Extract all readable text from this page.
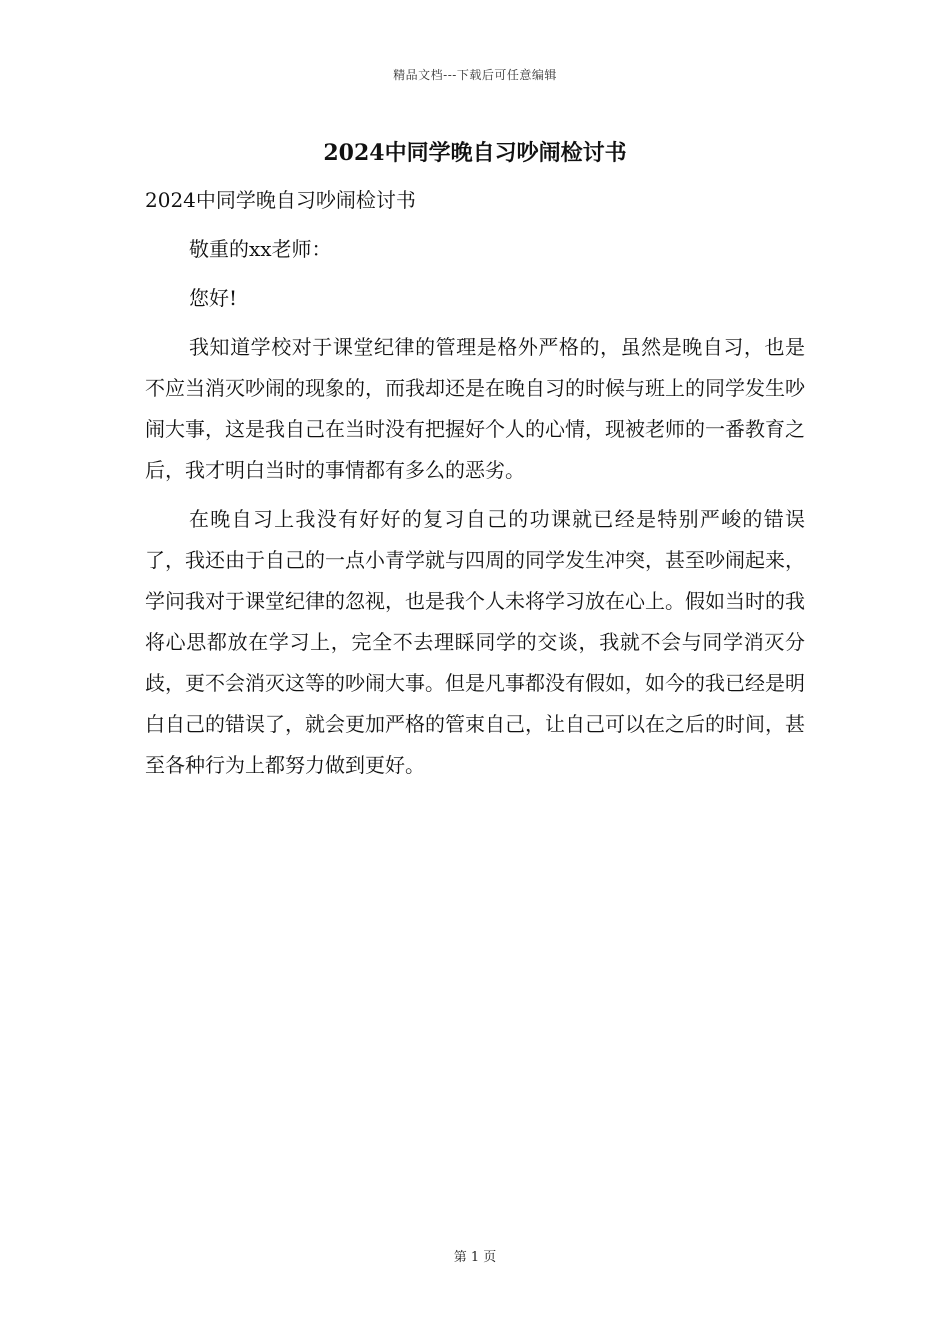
精品文档---下载后可任意编辑
2024中同学晚自习吵闹检讨书

2024中同学晚自习吵闹检讨书

敬重的xx老师：

您好!

我知道学校对于课堂纪律的管理是格外严格的，虽然是晚自习，也是不应当消灭吵闹的现象的，而我却还是在晚自习的时候与班上的同学发生吵闹大事，这是我自己在当时没有把握好个人的心情，现被老师的一番教育之后，我才明白当时的事情都有多么的恶劣。

在晚自习上我没有好好的复习自己的功课就已经是特别严峻的错误了，我还由于自己的一点小青学就与四周的同学发生冲突，甚至吵闹起来，学问我对于课堂纪律的忽视，也是我个人未将学习放在心上。假如当时的我将心思都放在学习上，完全不去理睬同学的交谈，我就不会与同学消灭分歧，更不会消灭这等的吵闹大事。但是凡事都没有假如，如今的我已经是明白自己的错误了，就会更加严格的管束自己，让自己可以在之后的时间，甚至各种行为上都努力做到更好。

第 1 页
